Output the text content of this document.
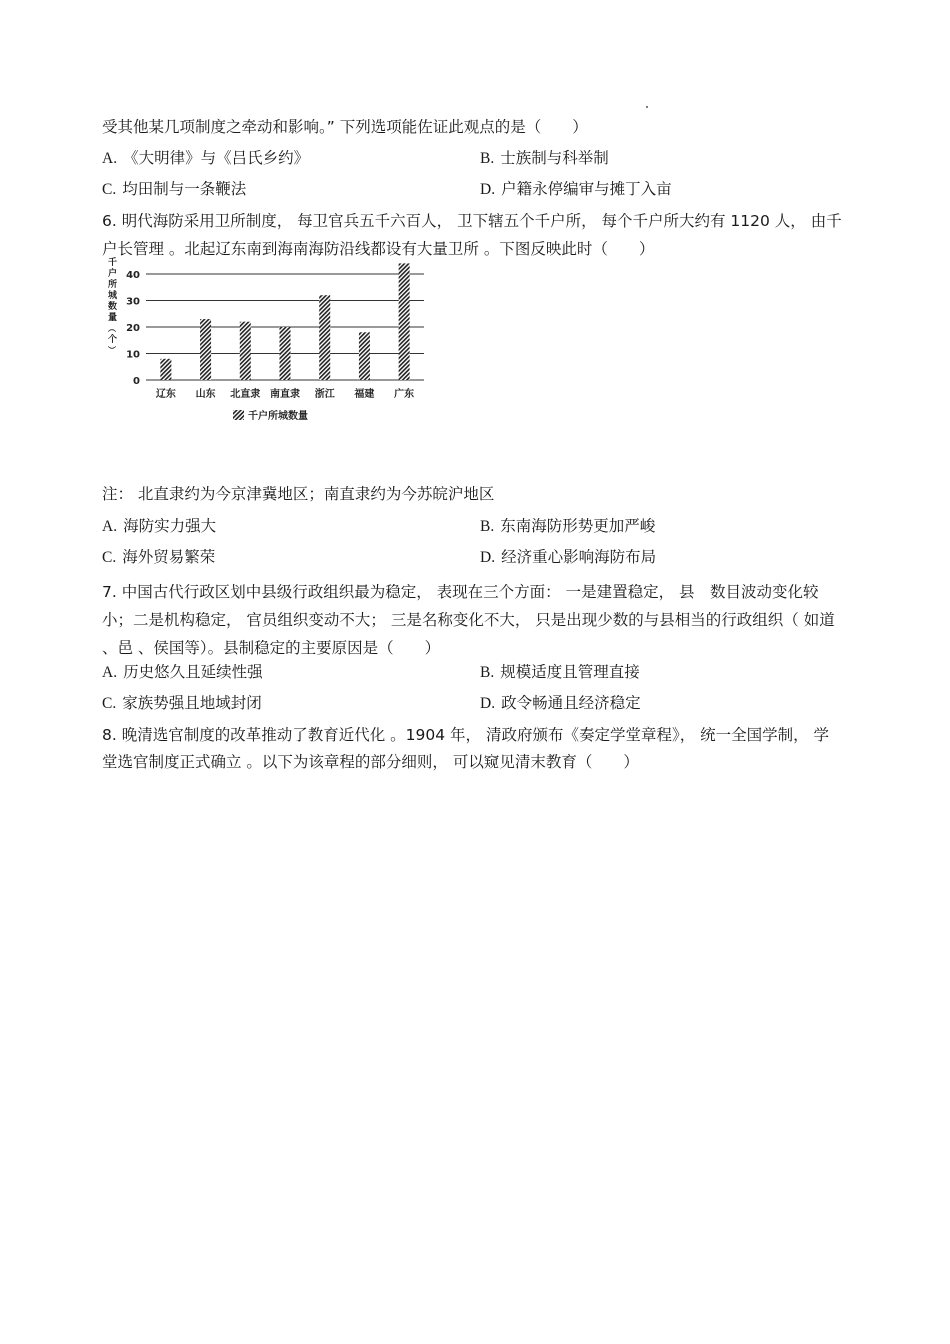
受其他某几项制度之牵动和影响。” 下列选项能佐证此观点的是（　　）
A. 《大明律》与《吕氏乡约》	B. 士族制与科举制
C. 均田制与一条鞭法	D. 户籍永停编审与摊丁入亩
6. 明代海防采用卫所制度， 每卫官兵五千六百人， 卫下辖五个千户所， 每个千户所大约有 1120 人， 由千
户长管理 。北起辽东南到海南海防沿线都设有大量卫所 。下图反映此时（　　）
0
10
20
30
40
辽东 山东 北直隶 南直隶 浙江 福建 广东
千户所城数量︵个︶
千户所城数量
注： 北直隶约为今京津冀地区；南直隶约为今苏皖沪地区
A. 海防实力强大	B. 东南海防形势更加严峻
C. 海外贸易繁荣	D. 经济重心影响海防布局
7. 中国古代行政区划中县级行政组织最为稳定， 表现在三个方面： 一是建置稳定， 县　数目波动变化较
小；二是机构稳定， 官员组织变动不大； 三是名称变化不大， 只是出现少数的与县相当的行政组织（ 如道
、邑 、侯国等）。县制稳定的主要原因是（　　）
A. 历史悠久且延续性强	B. 规模适度且管理直接
C. 家族势强且地域封闭	D. 政令畅通且经济稳定
8. 晚清选官制度的改革推动了教育近代化 。1904 年， 清政府颁布《奏定学堂章程》， 统一全国学制， 学
堂选官制度正式确立 。以下为该章程的部分细则， 可以窥见清末教育（　　）
